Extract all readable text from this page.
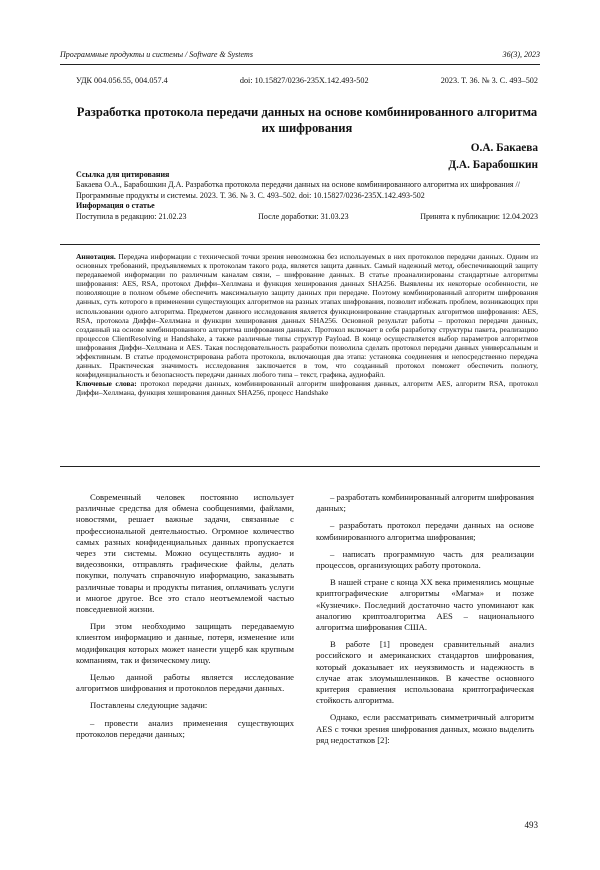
Программные продукты и системы / Software & Systems	36(3), 2023
УДК 004.056.55, 004.057.4	doi: 10.15827/0236-235X.142.493-502	2023. Т. 36. № 3. С. 493–502
Разработка протокола передачи данных на основе комбинированного алгоритма их шифрования
О.А. Бакаева
Д.А. Барабошкин
Ссылка для цитирования
Бакаева О.А., Барабошкин Д.А. Разработка протокола передачи данных на основе комбинированного алгоритма их шифрования // Программные продукты и системы. 2023. Т. 36. № 3. С. 493–502. doi: 10.15827/0236-235X.142.493-502
Информация о статье
Поступила в редакцию: 21.02.23	После доработки: 31.03.23	Принята к публикации: 12.04.2023
Аннотация. Передача информации с технической точки зрения невозможна без используемых в них протоколов передачи данных. Одним из основных требований, предъявляемых к протоколам такого рода, является защита данных. Самый надежный метод, обеспечивающий защиту передаваемой информации по различным каналам связи, – шифрование данных. В статье проанализированы стандартные алгоритмы шифрования: AES, RSA, протокол Диффи–Хеллмана и функция хеширования данных SHA256. Выявлены их некоторые особенности, не позволяющие в полном объеме обеспечить максимальную защиту данных при передаче. Поэтому комбинированный алгоритм шифрования данных, суть которого в применении существующих алгоритмов на разных этапах шифрования, позволит избежать проблем, возникающих при использовании одного алгоритма. Предметом данного исследования является функционирование стандартных алгоритмов шифрования: AES, RSA, протокола Диффи–Хеллмана и функции хеширования данных SHA256. Основной результат работы – протокол передачи данных, созданный на основе комбинированного алгоритма шифрования данных. Протокол включает в себя разработку структуры пакета, реализацию процессов ClientResolving и Handshake, а также различные типы структур Payload. В конце осуществляется выбор параметров алгоритмов шифрования Диффи–Хеллмана и AES. Такая последовательность разработки позволила сделать протокол передачи данных универсальным и эффективным. В статье продемонстрирована работа протокола, включающая два этапа: установка соединения и непосредственно передача данных. Практическая значимость исследования заключается в том, что созданный протокол поможет обеспечить полноту, конфиденциальность и безопасность передачи данных любого типа – текст, графика, аудиофайл.
Ключевые слова: протокол передачи данных, комбинированный алгоритм шифрования данных, алгоритм AES, алгоритм RSA, протокол Диффи–Хеллмана, функция хеширования данных SHA256, процесс Handshake

Современный человек постоянно использует различные средства для обмена сообщениями, файлами, новостями, решает важные задачи, связанные с профессиональной деятельностью. Огромное количество самых разных конфиденциальных данных пропускается через эти системы. Можно осуществлять аудио- и видеозвонки, отправлять графические файлы, делать покупки, получать справочную информацию, заказывать различные товары и продукты питания, оплачивать услуги и многое другое. Все это стало неотъемлемой частью повседневной жизни.

При этом необходимо защищать передаваемую клиентом информацию и данные, потеря, изменение или модификация которых может нанести ущерб как крупным компаниям, так и физическому лицу.

Целью данной работы является исследование алгоритмов шифрования и протоколов передачи данных.

Поставлены следующие задачи:

– провести анализ применения существующих протоколов передачи данных;

– разработать комбинированный алгоритм шифрования данных;

– разработать протокол передачи данных на основе комбинированного алгоритма шифрования;

– написать программную часть для реализации процессов, организующих работу протокола.

В нашей стране с конца XX века применялись мощные криптографические алгоритмы «Магма» и позже «Кузнечик». Последний достаточно часто упоминают как аналогию криптоалгоритма AES – национального алгоритма шифрования США.

В работе [1] проведен сравнительный анализ российского и американских стандартов шифрования, который доказывает их неуязвимость и надежность в случае атак злоумышленников. В качестве основного критерия сравнения использована криптографическая стойкость алгоритма.

Однако, если рассматривать симметричный алгоритм AES с точки зрения шифрования данных, можно выделить ряд недостатков [2]:

493
